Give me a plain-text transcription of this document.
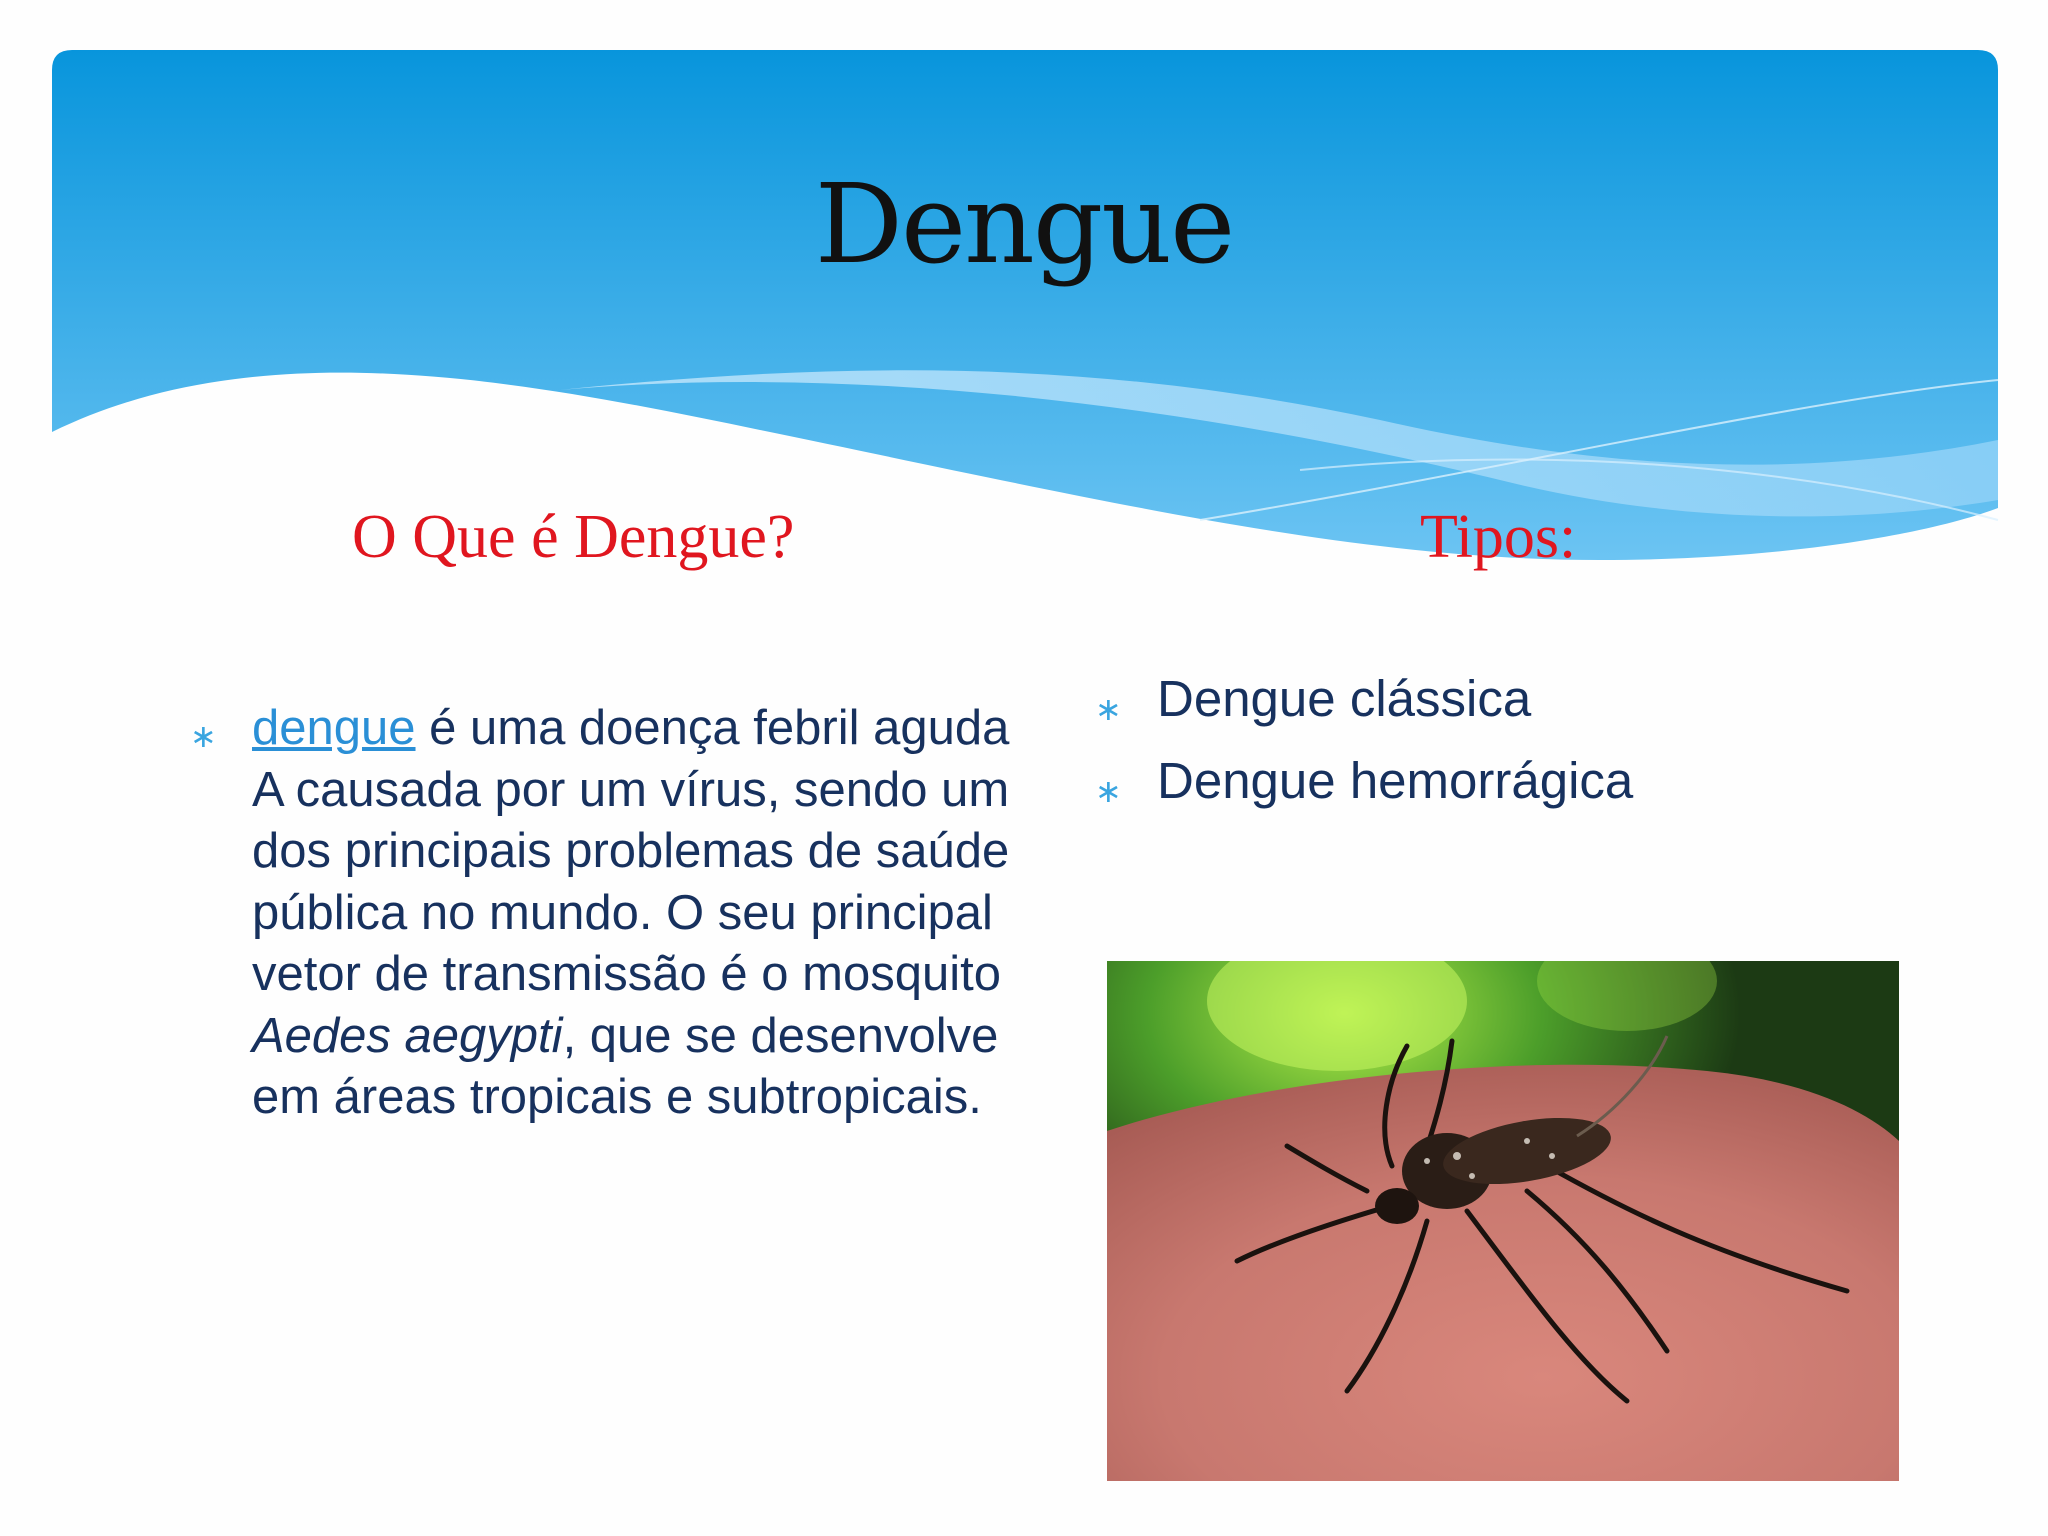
Dengue
O Que é Dengue?	Tipos:
∗ dengue é uma doença febril aguda A causada por um vírus, sendo um dos principais problemas de saúde pública no mundo. O seu principal vetor de transmissão é o mosquito Aedes aegypti, que se desenvolve em áreas tropicais e subtropicais.
∗ Dengue clássica
∗ Dengue hemorrágica
